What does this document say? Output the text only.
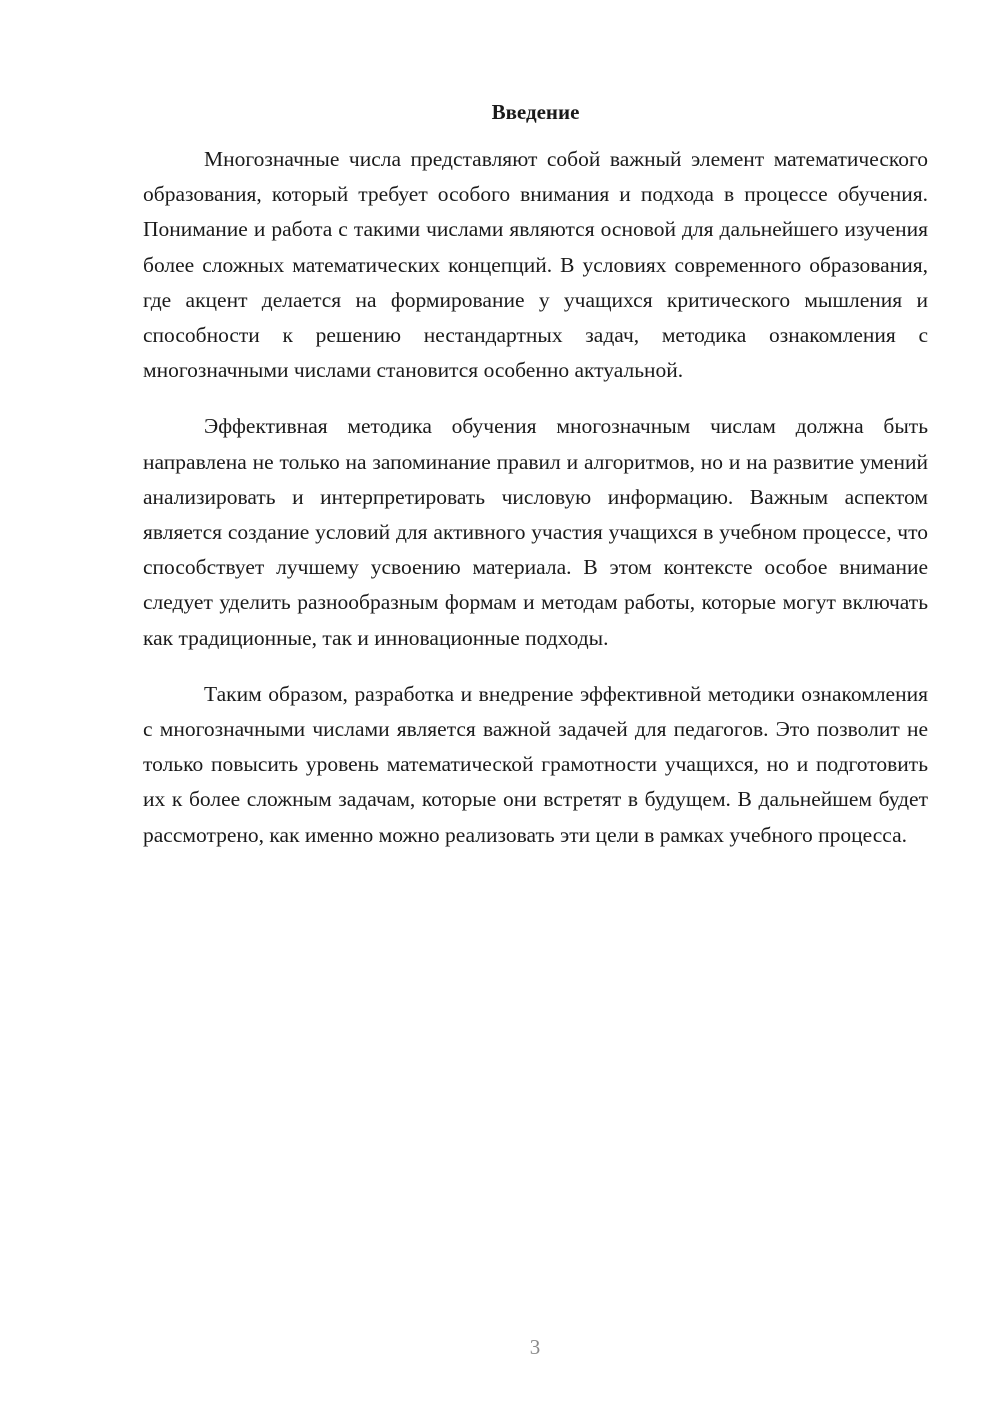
Введение

Многозначные числа представляют собой важный элемент математического образования, который требует особого внимания и подхода в процессе обучения. Понимание и работа с такими числами являются основой для дальнейшего изучения более сложных математических концепций. В условиях современного образования, где акцент делается на формирование у учащихся критического мышления и способности к решению нестандартных задач, методика ознакомления с многозначными числами становится особенно актуальной.

Эффективная методика обучения многозначным числам должна быть направлена не только на запоминание правил и алгоритмов, но и на развитие умений анализировать и интерпретировать числовую информацию. Важным аспектом является создание условий для активного участия учащихся в учебном процессе, что способствует лучшему усвоению материала. В этом контексте особое внимание следует уделить разнообразным формам и методам работы, которые могут включать как традиционные, так и инновационные подходы.

Таким образом, разработка и внедрение эффективной методики ознакомления с многозначными числами является важной задачей для педагогов. Это позволит не только повысить уровень математической грамотности учащихся, но и подготовить их к более сложным задачам, которые они встретят в будущем. В дальнейшем будет рассмотрено, как именно можно реализовать эти цели в рамках учебного процесса.

3
